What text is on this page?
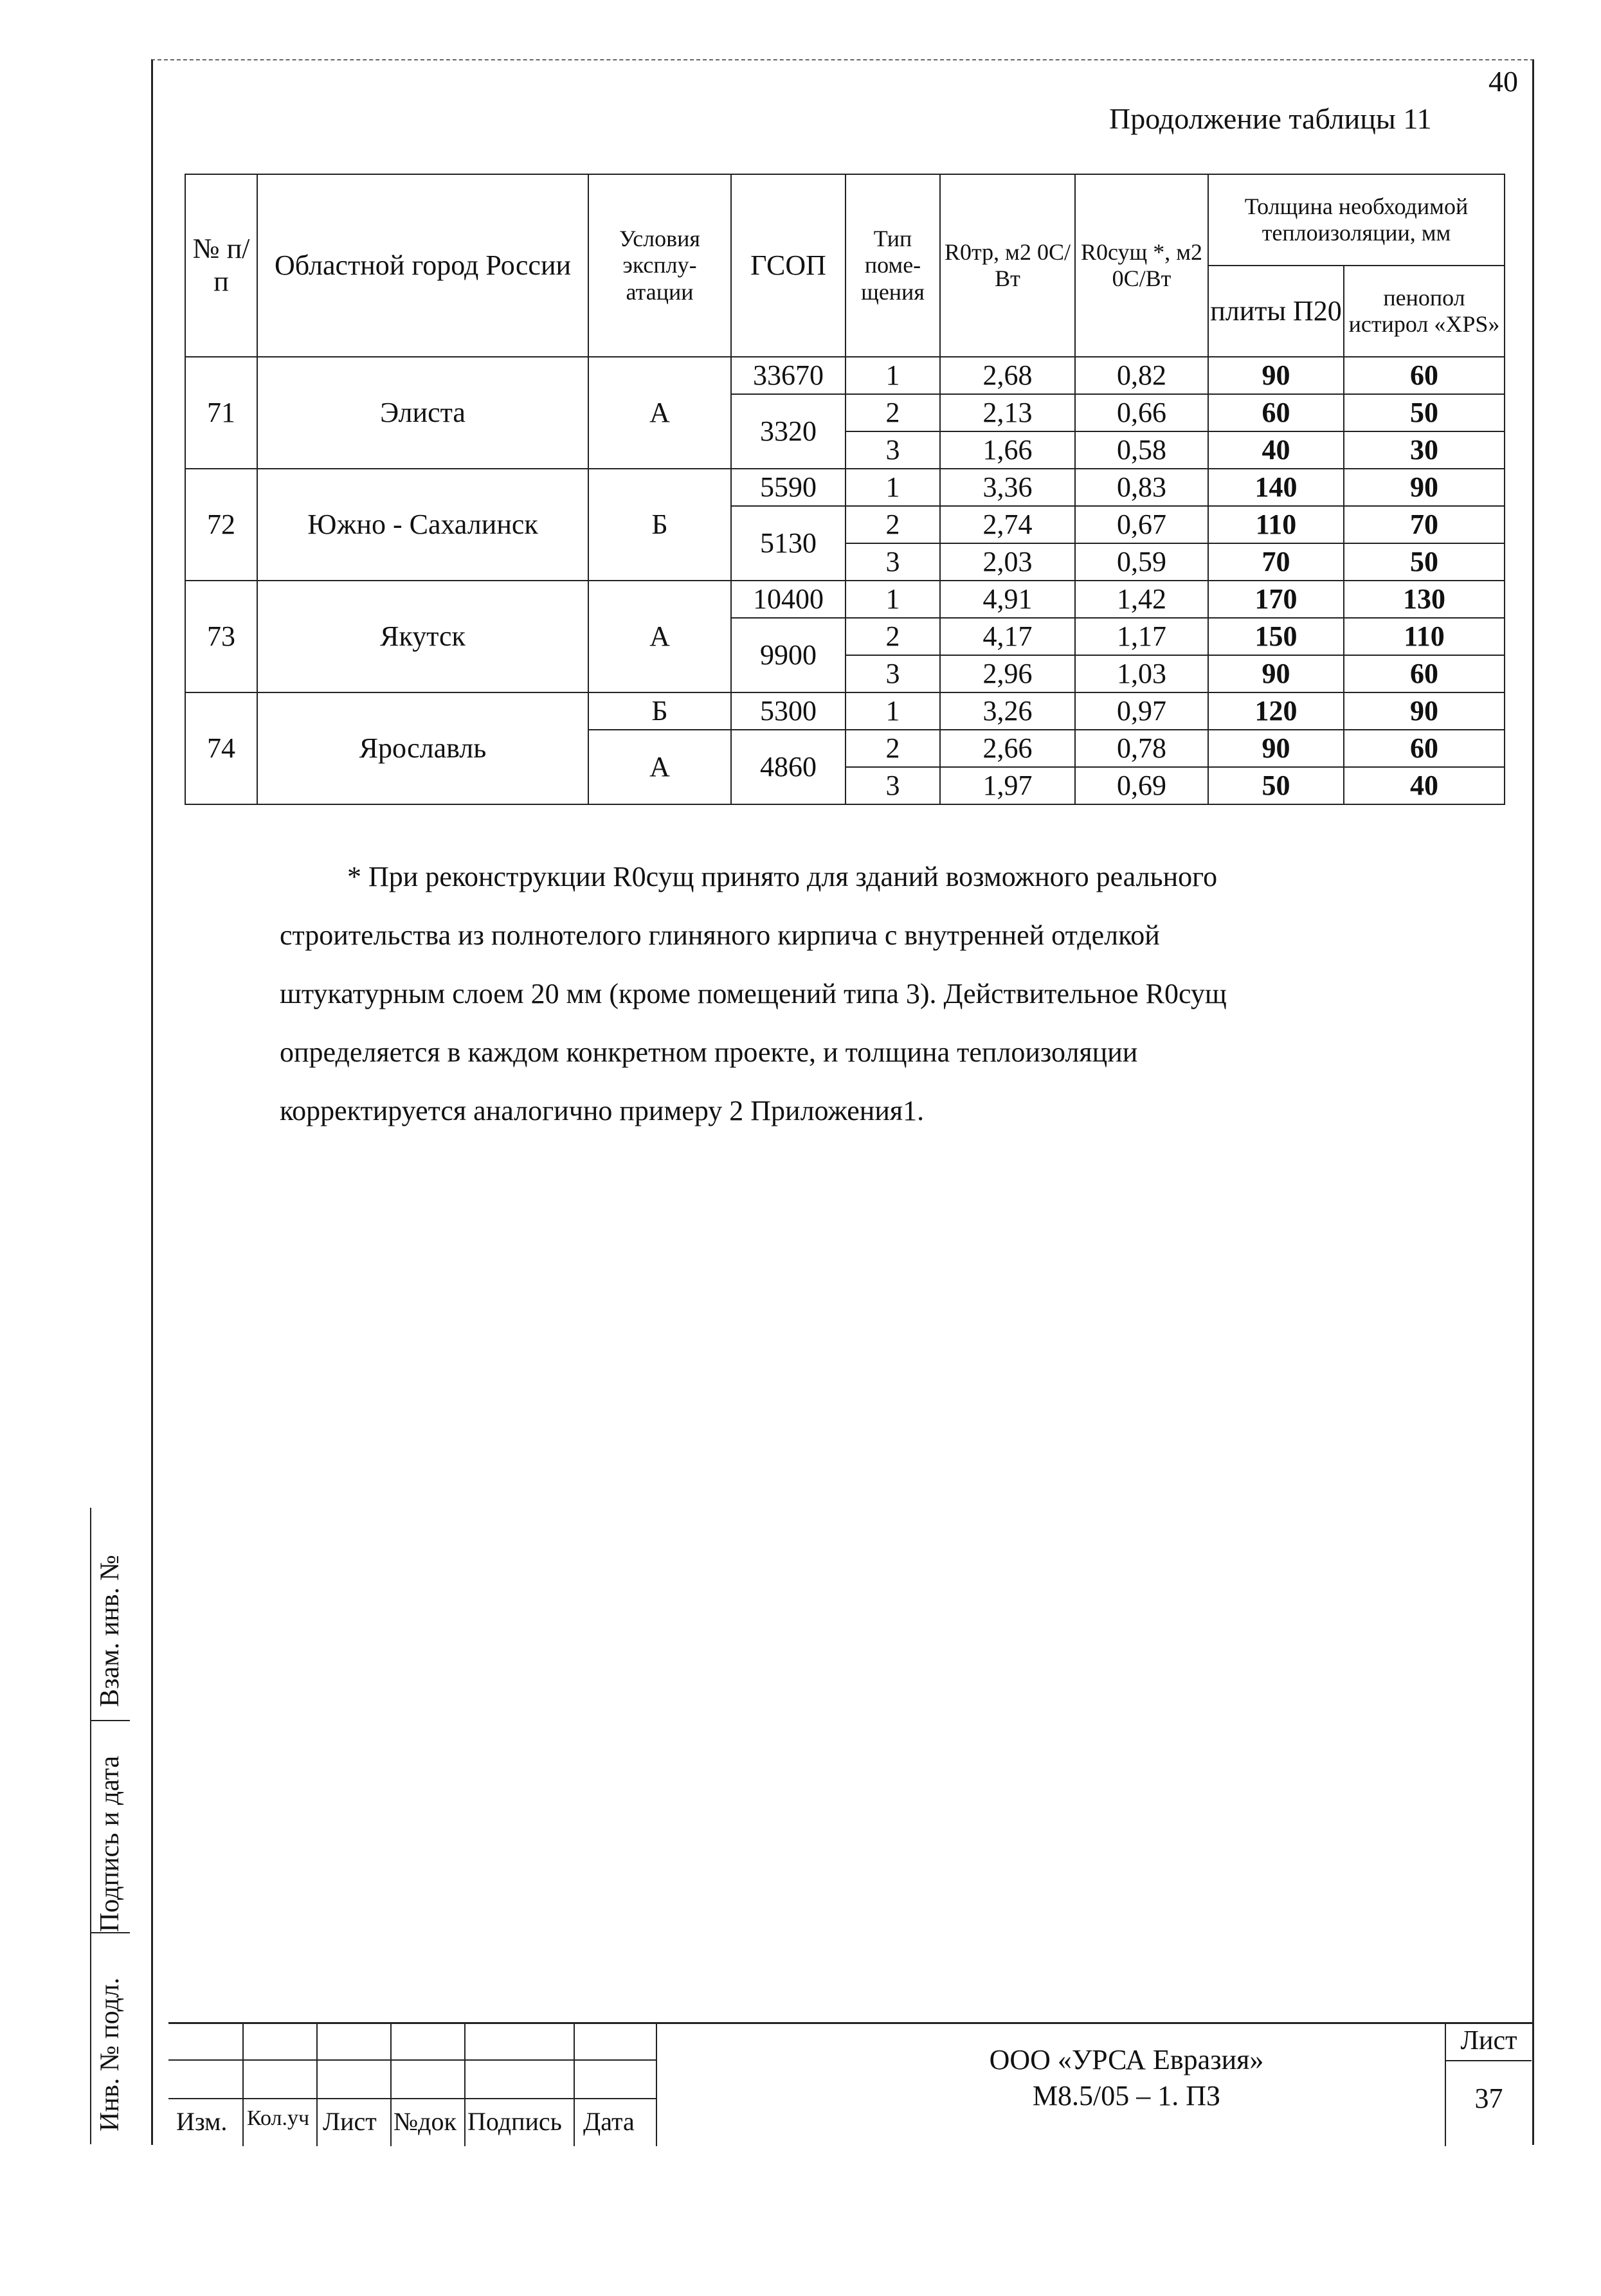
40
Продолжение таблицы 11
№ п/п	Областной город России	Условия эксплу-атации	ГСОП	Тип поме-щения	R0тр, м2 0С/Вт	R0сущ *, м2 0С/Вт	Толщина необходимой теплоизоляции, мм	
							плиты П20	пенопол истирол «XPS»
71	Элиста	А	33670	1	2,68	0,82	90	60
			3320	2	2,13	0,66	60	50
				3	1,66	0,58	40	30
72	Южно - Сахалинск	Б	5590	1	3,36	0,83	140	90
			5130	2	2,74	0,67	110	70
				3	2,03	0,59	70	50
73	Якутск	А	10400	1	4,91	1,42	170	130
			9900	2	4,17	1,17	150	110
				3	2,96	1,03	90	60
74	Ярославль	Б	5300	1	3,26	0,97	120	90
		А	4860	2	2,66	0,78	90	60
				3	1,97	0,69	50	40

* При реконструкции R0сущ принято для зданий возможного реального

строительства из полнотелого глиняного кирпича с внутренней отделкой

штукатурным слоем 20 мм (кроме помещений типа 3). Действительное R0сущ

определяется в каждом конкретном проекте, и толщина теплоизоляции

корректируется аналогично примеру 2 Приложения1.

Взам. инв. №
Подпись и дата
Инв. № подл. Изм. Кол.уч Лист №док Подпись Дата
ООО «УРСА Евразия»
М8.5/05 – 1. ПЗ
Лист
37
